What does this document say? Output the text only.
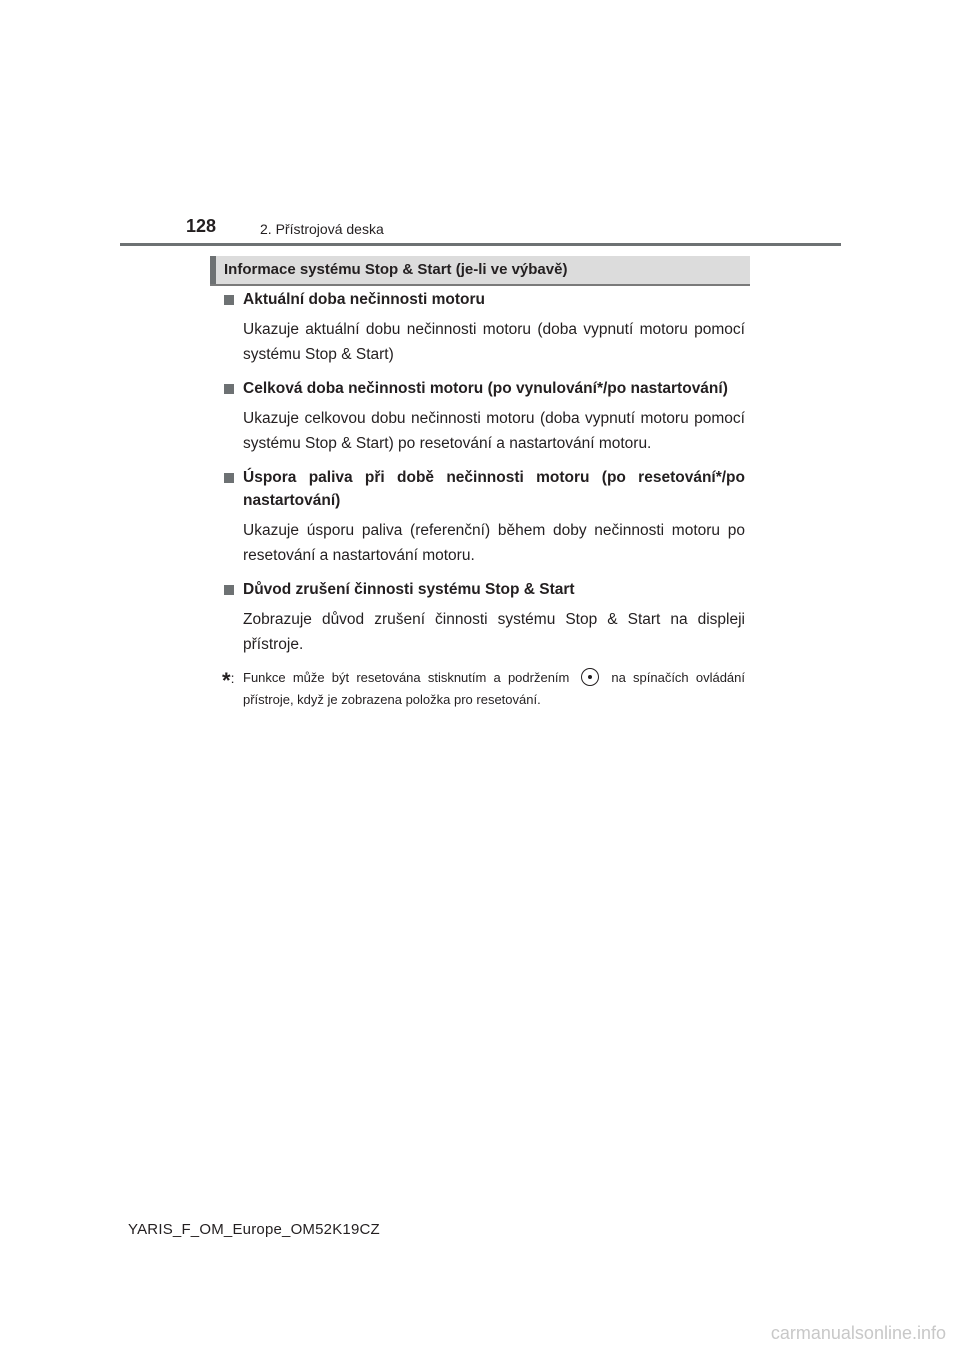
128	2. Přístrojová deska
Informace systému Stop & Start (je-li ve výbavě)
Aktuální doba nečinnosti motoru
Ukazuje aktuální dobu nečinnosti motoru (doba vypnutí motoru pomocí systému Stop & Start)
Celková doba nečinnosti motoru (po vynulování*/po nastartování)
Ukazuje celkovou dobu nečinnosti motoru (doba vypnutí motoru pomocí systému Stop & Start) po resetování a nastartování motoru.
Úspora paliva při době nečinnosti motoru (po resetování*/po nastartování)
Ukazuje úsporu paliva (referenční) během doby nečinnosti motoru po resetování a nastartování motoru.
Důvod zrušení činnosti systému Stop & Start
Zobrazuje důvod zrušení činnosti systému Stop & Start na displeji přístroje.
*: Funkce může být resetována stisknutím a podržením	na spínačích ovládání přístroje, když je zobrazena položka pro resetování.
YARIS_F_OM_Europe_OM52K19CZ
carmanualsonline.info
